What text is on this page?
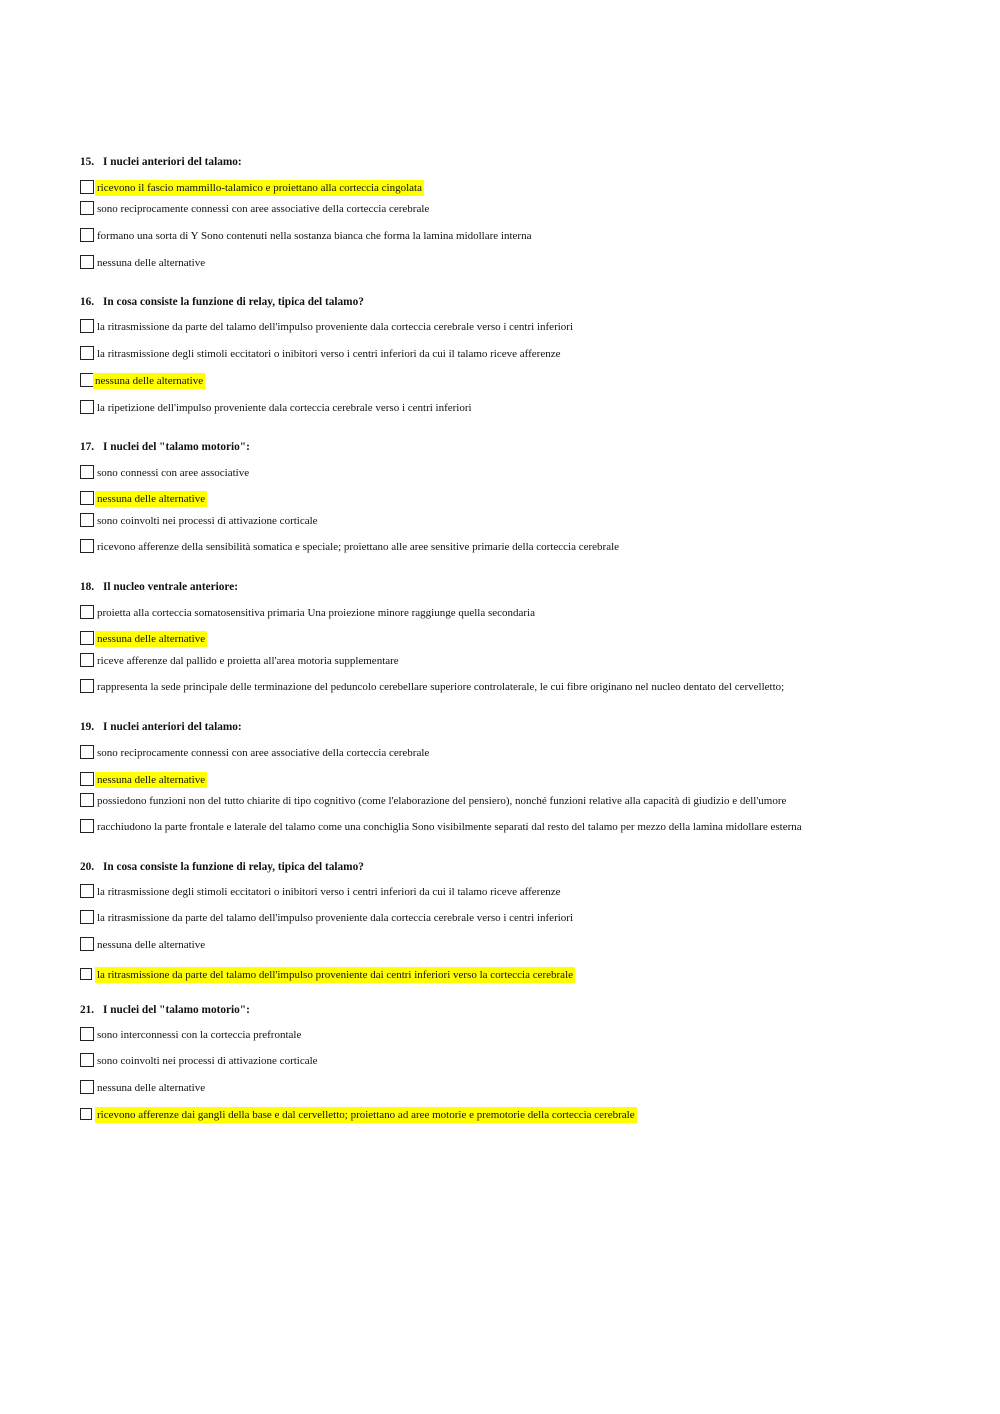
15. I nuclei anteriori del talamo:
ricevono il fascio mammillo-talamico e proiettano alla corteccia cingolata
sono reciprocamente connessi con aree associative della corteccia cerebrale
formano una sorta di Y Sono contenuti nella sostanza bianca che forma la lamina midollare interna
nessuna delle alternative
16. In cosa consiste la funzione di relay, tipica del talamo?
la ritrasmissione da parte del talamo dell'impulso proveniente dala corteccia cerebrale verso i centri inferiori
la ritrasmissione degli stimoli eccitatori o inibitori verso i centri inferiori da cui il talamo riceve afferenze
nessuna delle alternative
la ripetizione dell'impulso proveniente dala corteccia cerebrale verso i centri inferiori
17. I nuclei del "talamo motorio":
sono connessi con aree associative
nessuna delle alternative
sono coinvolti nei processi di attivazione corticale
ricevono afferenze della sensibilità somatica e speciale; proiettano alle aree sensitive primarie della corteccia cerebrale
18. Il nucleo ventrale anteriore:
proietta alla corteccia somatosensitiva primaria Una proiezione minore raggiunge quella secondaria
nessuna delle alternative
riceve afferenze dal pallido e proietta all'area motoria supplementare
rappresenta la sede principale delle terminazione del peduncolo cerebellare superiore controlaterale, le cui fibre originano nel nucleo dentato del cervelletto;
19. I nuclei anteriori del talamo:
sono reciprocamente connessi con aree associative della corteccia cerebrale
nessuna delle alternative
possiedono funzioni non del tutto chiarite di tipo cognitivo (come l'elaborazione del pensiero), nonché funzioni relative alla capacità di giudizio e dell'umore
racchiudono la parte frontale e laterale del talamo come una conchiglia Sono visibilmente separati dal resto del talamo per mezzo della lamina midollare esterna
20. In cosa consiste la funzione di relay, tipica del talamo?
la ritrasmissione degli stimoli eccitatori o inibitori verso i centri inferiori da cui il talamo riceve afferenze
la ritrasmissione da parte del talamo dell'impulso proveniente dala corteccia cerebrale verso i centri inferiori
nessuna delle alternative
la ritrasmissione da parte del talamo dell'impulso proveniente dai centri inferiori verso la corteccia cerebrale
21. I nuclei del "talamo motorio":
sono interconnessi con la corteccia prefrontale
sono coinvolti nei processi di attivazione corticale
nessuna delle alternative
ricevono afferenze dai gangli della base e dal cervelletto; proiettano ad aree motorie e premotorie della corteccia cerebrale
